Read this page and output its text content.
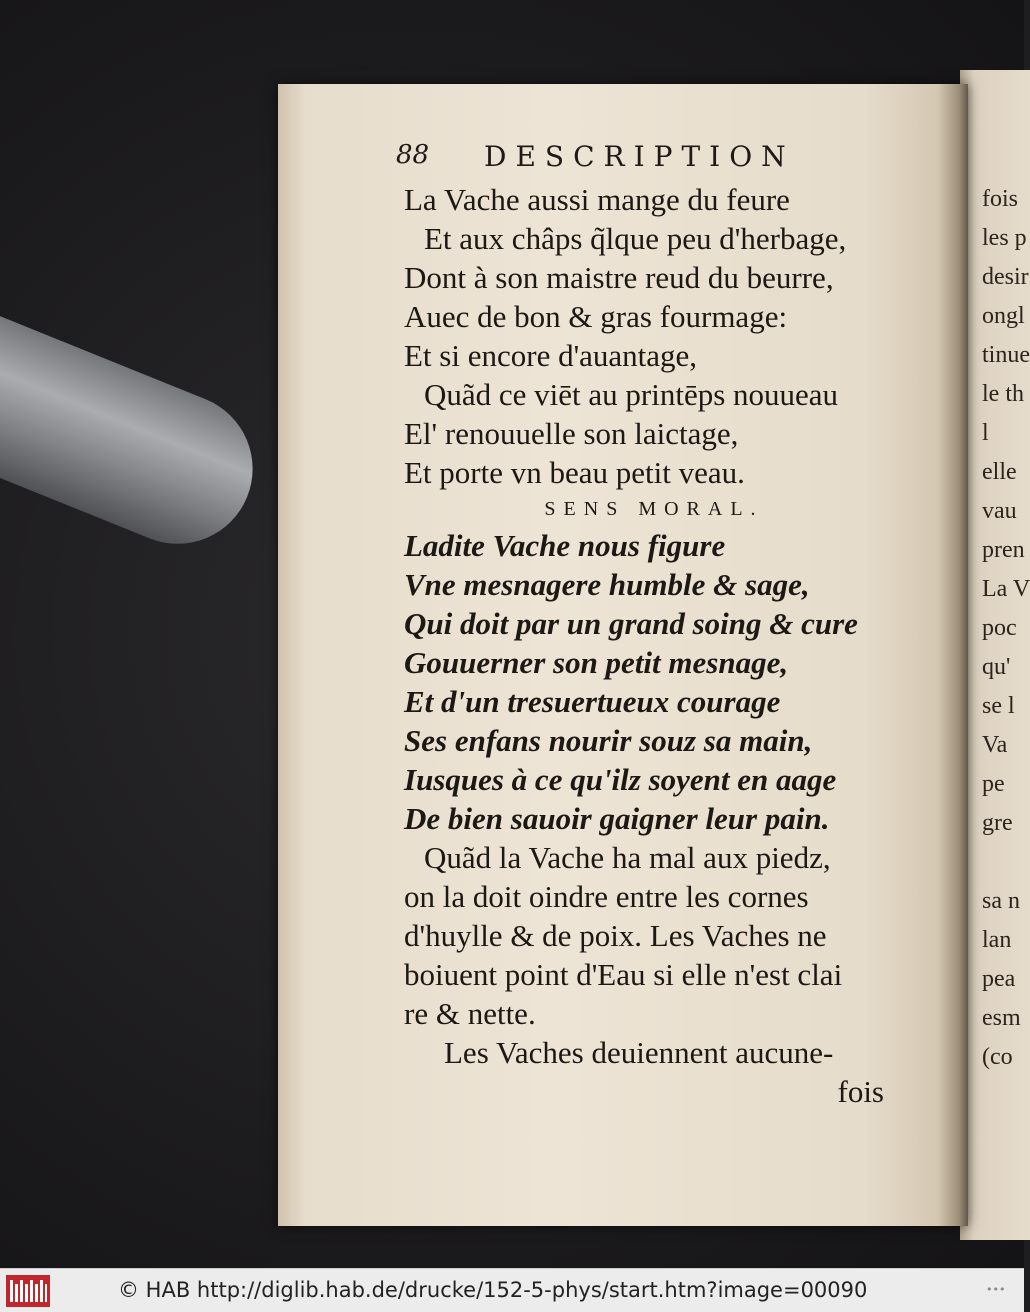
88 DESCRIPTION
La Vache aussi mange du feure
Et aux châps q̃lque peu d'herbage,
Dont à son maistre reud du beurre,
Auec de bon & gras fourmage:
Et si encore d'auantage,
Quãd ce viēt au printēps nouueau
El' renouuelle son laictage,
Et porte vn beau petit veau.
SENS MORAL.
Ladite Vache nous figure
Vne mesnagere humble & sage,
Qui doit par un grand soing & cure
Gouuerner son petit mesnage,
Et d'un tresuertueux courage
Ses enfans nourir souz sa main,
Iusques à ce qu'ilz soyent en aage
De bien sauoir gaigner leur pain.
Quãd la Vache ha mal aux piedz,
on la doit oindre entre les cornes
d'huylle & de poix. Les Vaches ne
boiuent point d'Eau si elle n'est clai
re & nette.
Les Vaches deuiennent aucune-
fois
fois
les p
desir
ongl
tinue
le th
l
elle
vau
pren
La V
poc
qu'
se l
Va
pe
gre
sa n
lan
pea
esm
(co
© HAB http://diglib.hab.de/drucke/152-5-phys/start.htm?image=00090	•••
